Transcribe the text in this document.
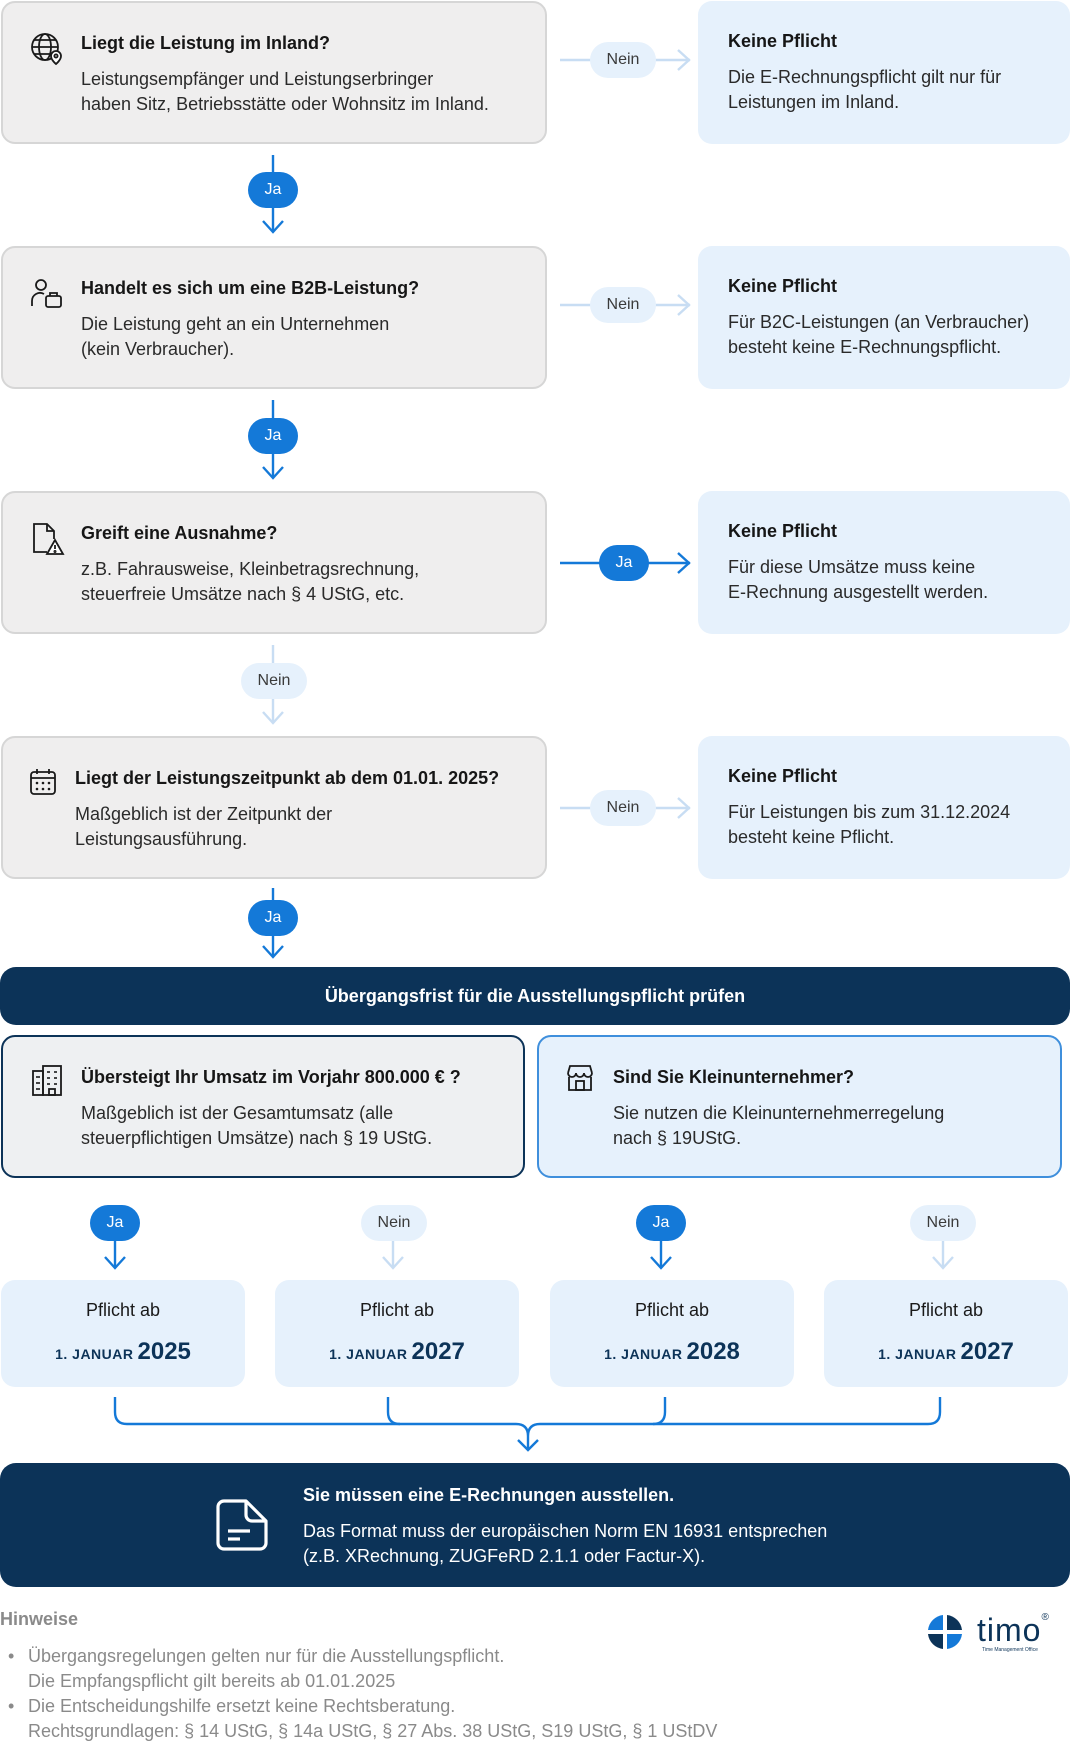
Liegt die Leistung im Inland?
Leistungsempfänger und Leistungserbringer
haben Sitz, Betriebsstätte oder Wohnsitz im Inland.
Nein
Keine Pflicht
Die E-Rechnungspflicht gilt nur für
Leistungen im Inland.
Ja
Handelt es sich um eine B2B-Leistung?
Die Leistung geht an ein Unternehmen
(kein Verbraucher).
Nein
Keine Pflicht
Für B2C-Leistungen (an Verbraucher)
besteht keine E-Rechnungspflicht.
Ja
Greift eine Ausnahme?
z.B. Fahrausweise, Kleinbetragsrechnung,
steuerfreie Umsätze nach § 4 UStG, etc.
Ja
Keine Pflicht
Für diese Umsätze muss keine
E-Rechnung ausgestellt werden.
Nein
Liegt der Leistungszeitpunkt ab dem 01.01. 2025?
Maßgeblich ist der Zeitpunkt der
Leistungsausführung.
Nein
Keine Pflicht
Für Leistungen bis zum 31.12.2024
besteht keine Pflicht.
Ja
Übergangsfrist für die Ausstellungspflicht prüfen
Übersteigt Ihr Umsatz im Vorjahr 800.000 € ?
Maßgeblich ist der Gesamtumsatz (alle
steuerpflichtigen Umsätze) nach § 19 UStG.
Sind Sie Kleinunternehmer?
Sie nutzen die Kleinunternehmerregelung
nach § 19UStG.
Ja	Nein	Ja	Nein
Pflicht ab
1. JANUAR 2025
Pflicht ab
1. JANUAR 2027
Pflicht ab
1. JANUAR 2028
Pflicht ab
1. JANUAR 2027
Sie müssen eine E-Rechnungen ausstellen.
Das Format muss der europäischen Norm EN 16931 entsprechen
(z.B. XRechnung, ZUGFeRD 2.1.1 oder Factur-X).
Hinweise
• Übergangsregelungen gelten nur für die Ausstellungspflicht.
Die Empfangspflicht gilt bereits ab 01.01.2025
• Die Entscheidungshilfe ersetzt keine Rechtsberatung.
Rechtsgrundlagen: § 14 UStG, § 14a UStG, § 27 Abs. 38 UStG, S19 UStG, § 1 UStDV
timo®
Time Management Office
